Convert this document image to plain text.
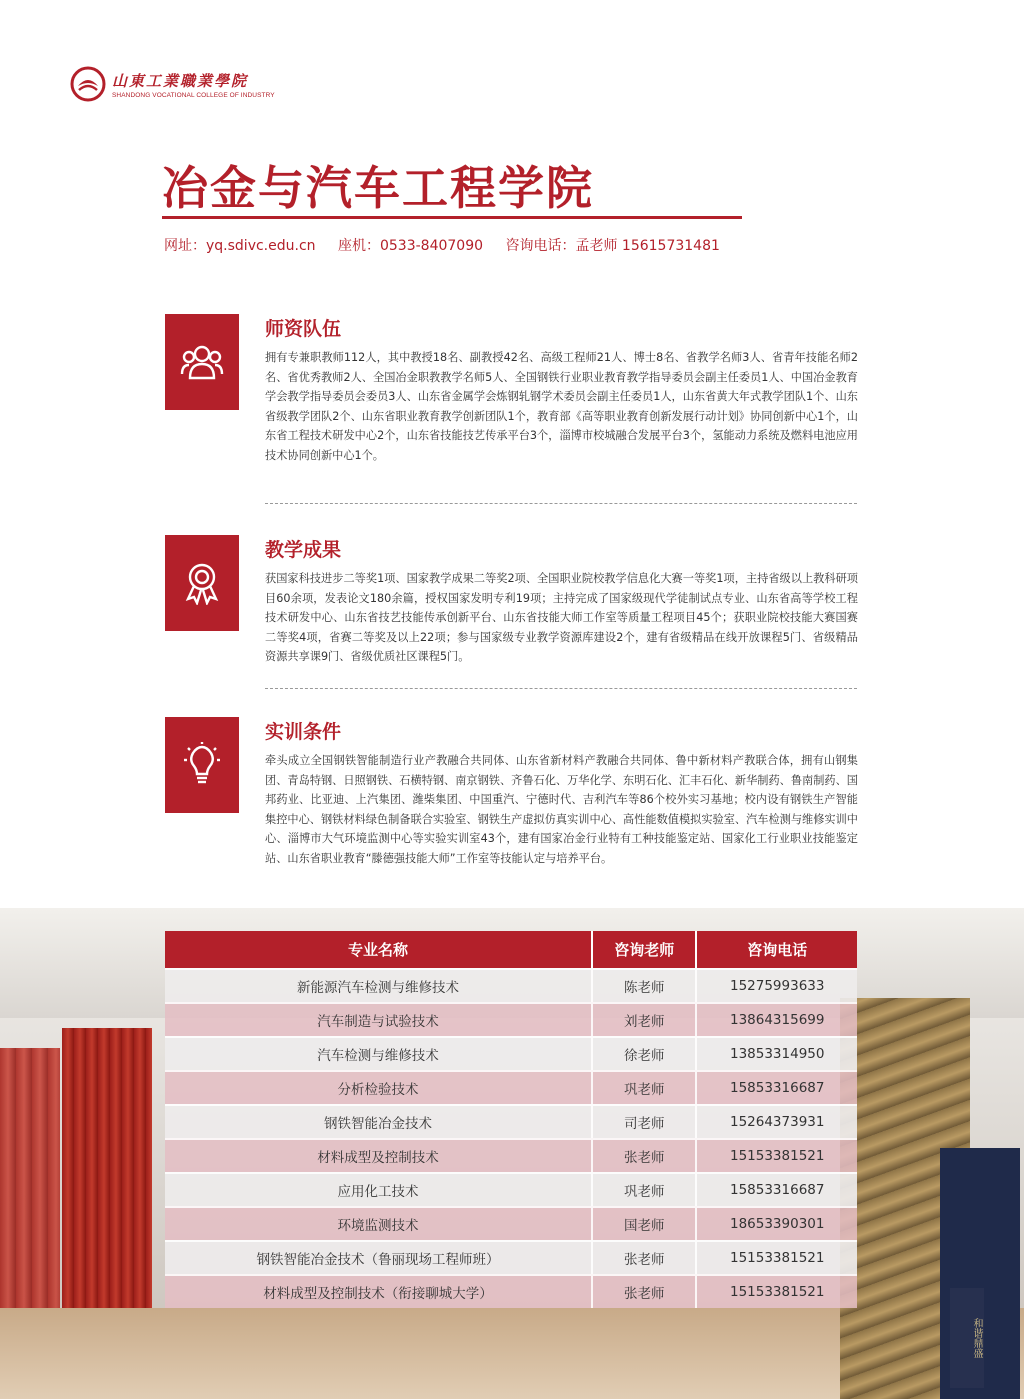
山東工業職業學院
SHANDONG VOCATIONAL COLLEGE OF INDUSTRY
冶金与汽车工程学院
网址：yq.sdivc.edu.cn 座机：0533-8407090 咨询电话：孟老师 15615731481
师资队伍
拥有专兼职教师112人，其中教授18名、副教授42名、高级工程师21人、博士8名、省教学名师3人、省青年技能名师2名、省优秀教师2人、全国冶金职教教学名师5人、全国钢铁行业职业教育教学指导委员会副主任委员1人、中国冶金教育学会教学指导委员会委员3人、山东省金属学会炼钢轧钢学术委员会副主任委员1人，山东省黄大年式教学团队1个、山东省级教学团队2个、山东省职业教育教学创新团队1个，教育部《高等职业教育创新发展行动计划》协同创新中心1个，山东省工程技术研发中心2个，山东省技能技艺传承平台3个，淄博市校城融合发展平台3个，氢能动力系统及燃料电池应用技术协同创新中心1个。
教学成果
获国家科技进步二等奖1项、国家教学成果二等奖2项、全国职业院校教学信息化大赛一等奖1项，主持省级以上教科研项目60余项，发表论文180余篇，授权国家发明专利19项；主持完成了国家级现代学徒制试点专业、山东省高等学校工程技术研发中心、山东省技艺技能传承创新平台、山东省技能大师工作室等质量工程项目45个；获职业院校技能大赛国赛二等奖4项，省赛二等奖及以上22项；参与国家级专业教学资源库建设2个，建有省级精品在线开放课程5门、省级精品资源共享课9门、省级优质社区课程5门。
实训条件
牵头成立全国钢铁智能制造行业产教融合共同体、山东省新材料产教融合共同体、鲁中新材料产教联合体，拥有山钢集团、青岛特钢、日照钢铁、石横特钢、南京钢铁、齐鲁石化、万华化学、东明石化、汇丰石化、新华制药、鲁南制药、国邦药业、比亚迪、上汽集团、潍柴集团、中国重汽、宁德时代、吉利汽车等86个校外实习基地；校内设有钢铁生产智能集控中心、钢铁材料绿色制备联合实验室、钢铁生产虚拟仿真实训中心、高性能数值模拟实验室、汽车检测与维修实训中心、淄博市大气环境监测中心等实验实训室43个，建有国家冶金行业特有工种技能鉴定站、国家化工行业职业技能鉴定站、山东省职业教育“滕德强技能大师”工作室等技能认定与培养平台。
和谐鼎盛
专业名称	咨询老师	咨询电话
新能源汽车检测与维修技术	陈老师	15275993633
汽车制造与试验技术	刘老师	13864315699
汽车检测与维修技术	徐老师	13853314950
分析检验技术	巩老师	15853316687
钢铁智能冶金技术	司老师	15264373931
材料成型及控制技术	张老师	15153381521
应用化工技术	巩老师	15853316687
环境监测技术	国老师	18653390301
钢铁智能冶金技术（鲁丽现场工程师班）	张老师	15153381521
材料成型及控制技术（衔接聊城大学）	张老师	15153381521
